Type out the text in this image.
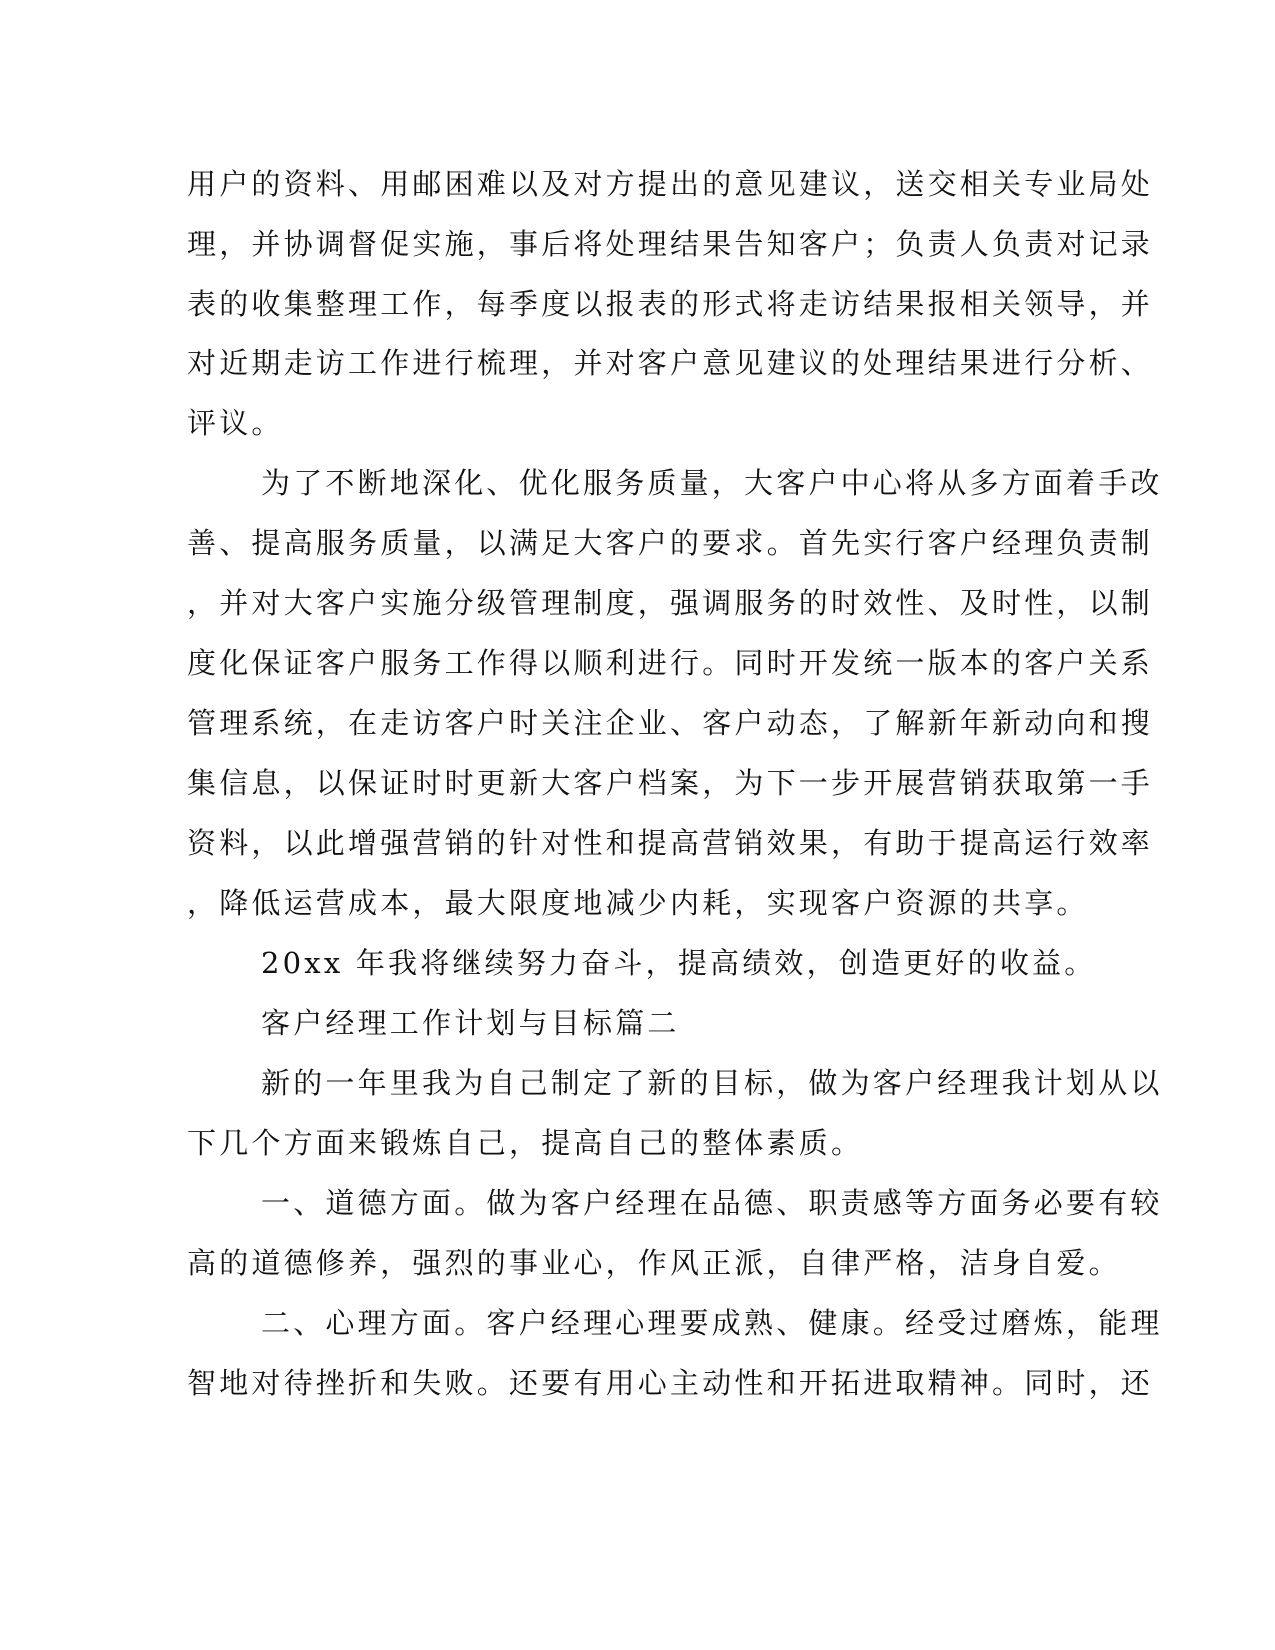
用户的资料、用邮困难以及对方提出的意见建议，送交相关专业局处
理，并协调督促实施，事后将处理结果告知客户；负责人负责对记录
表的收集整理工作，每季度以报表的形式将走访结果报相关领导，并
对近期走访工作进行梳理，并对客户意见建议的处理结果进行分析、
评议。
为了不断地深化、优化服务质量，大客户中心将从多方面着手改
善、提高服务质量，以满足大客户的要求。首先实行客户经理负责制
，并对大客户实施分级管理制度，强调服务的时效性、及时性，以制
度化保证客户服务工作得以顺利进行。同时开发统一版本的客户关系
管理系统，在走访客户时关注企业、客户动态，了解新年新动向和搜
集信息，以保证时时更新大客户档案，为下一步开展营销获取第一手
资料，以此增强营销的针对性和提高营销效果，有助于提高运行效率
，降低运营成本，最大限度地减少内耗，实现客户资源的共享。
20xx 年我将继续努力奋斗，提高绩效，创造更好的收益。
客户经理工作计划与目标篇二
新的一年里我为自己制定了新的目标，做为客户经理我计划从以
下几个方面来锻炼自己，提高自己的整体素质。
一、道德方面。做为客户经理在品德、职责感等方面务必要有较
高的道德修养，强烈的事业心，作风正派，自律严格，洁身自爱。
二、心理方面。客户经理心理要成熟、健康。经受过磨炼，能理
智地对待挫折和失败。还要有用心主动性和开拓进取精神。同时，还
